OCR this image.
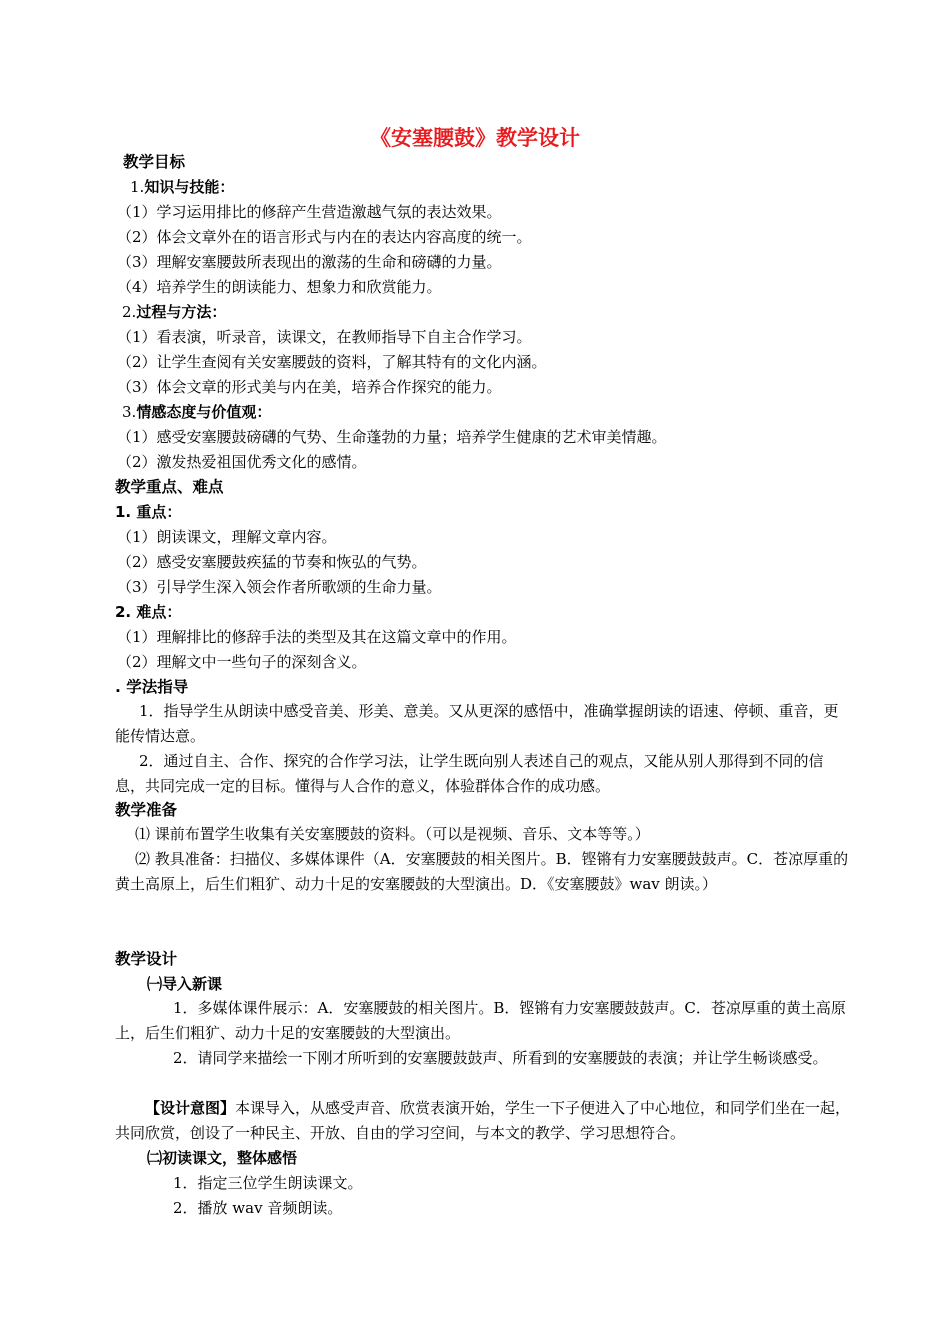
《安塞腰鼓》教学设计
教学目标
1.知识与技能：
（1）学习运用排比的修辞产生营造激越气氛的表达效果。
（2）体会文章外在的语言形式与内在的表达内容高度的统一。
（3）理解安塞腰鼓所表现出的激荡的生命和磅礴的力量。
（4）培养学生的朗读能力、想象力和欣赏能力。
2.过程与方法：
（1）看表演，听录音，读课文，在教师指导下自主合作学习。
（2）让学生查阅有关安塞腰鼓的资料，了解其特有的文化内涵。
（3）体会文章的形式美与内在美，培养合作探究的能力。
3.情感态度与价值观：
（1）感受安塞腰鼓磅礴的气势、生命蓬勃的力量；培养学生健康的艺术审美情趣。
（2）激发热爱祖国优秀文化的感情。
教学重点、难点
1. 重点：
（1）朗读课文，理解文章内容。
（2）感受安塞腰鼓疾猛的节奏和恢弘的气势。
（3）引导学生深入领会作者所歌颂的生命力量。
2. 难点：
（1）理解排比的修辞手法的类型及其在这篇文章中的作用。
（2）理解文中一些句子的深刻含义。
. 学法指导
1．指导学生从朗读中感受音美、形美、意美。又从更深的感悟中，准确掌握朗读的语速、停顿、重音，更能传情达意。
2．通过自主、合作、探究的合作学习法，让学生既向别人表述自己的观点，又能从别人那得到不同的信息，共同完成一定的目标。懂得与人合作的意义，体验群体合作的成功感。
教学准备
⑴ 课前布置学生收集有关安塞腰鼓的资料。（可以是视频、音乐、文本等等。）
⑵ 教具准备：扫描仪、多媒体课件（A．安塞腰鼓的相关图片。B．铿锵有力安塞腰鼓鼓声。C．苍凉厚重的黄土高原上，后生们粗犷、动力十足的安塞腰鼓的大型演出。D．《安塞腰鼓》wav 朗读。）
教学设计
㈠导入新课
1．多媒体课件展示：A．安塞腰鼓的相关图片。B．铿锵有力安塞腰鼓鼓声。C．苍凉厚重的黄土高原上，后生们粗犷、动力十足的安塞腰鼓的大型演出。
2．请同学来描绘一下刚才所听到的安塞腰鼓鼓声、所看到的安塞腰鼓的表演；并让学生畅谈感受。
【设计意图】本课导入，从感受声音、欣赏表演开始，学生一下子便进入了中心地位，和同学们坐在一起，共同欣赏，创设了一种民主、开放、自由的学习空间，与本文的教学、学习思想符合。
㈡初读课文，整体感悟
1．指定三位学生朗读课文。
2．播放 wav 音频朗读。
